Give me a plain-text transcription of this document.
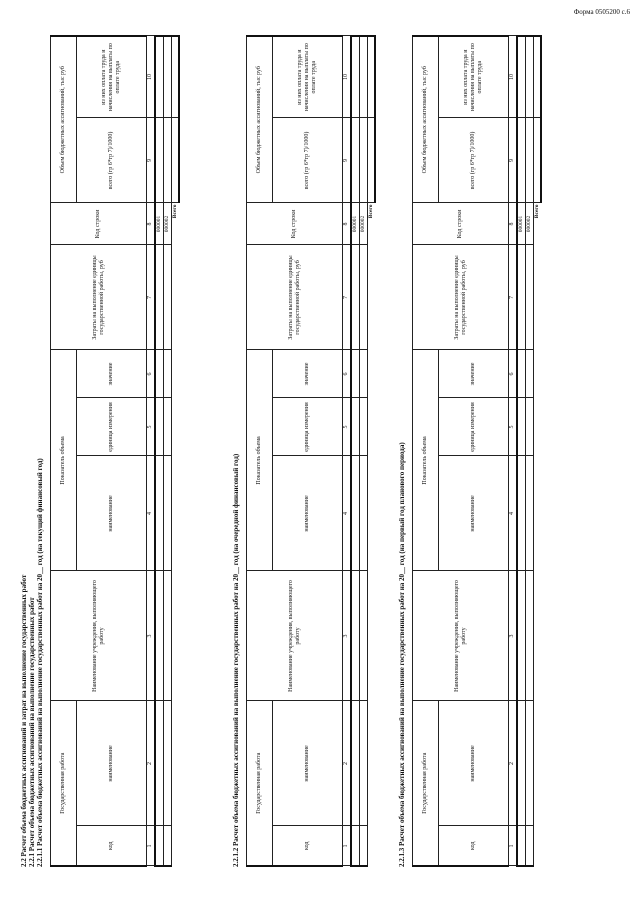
Форма 0505200 с.6
2.2 Расчет объема бюджетных ассигнований и затрат на выполнение государственных работ 2.2.1 Расчет объема бюджетных ассигнований на выполнение государственных работ 2.2.1.1 Расчет объема бюджетных ассигнований на выполнение государственных работ на 20__ год (на текущий финансовый год)	Государственная работа		Наименование учреждения, выполняющего работу	Показатель объема			Затраты на выполнение единицы государственной работы, руб	Код строки	Объем бюджетных ассигнований, тыс руб	
код	наименование		наименование	единица измерения	значение			всего (гр 6*гр 7)/1000)	из них оплата труда и начисления на выплаты по оплате труда
1	2	3	4	5	6	7	8	9	10
							000001		
							000002		
							Всего		
2.2.1.2 Расчет объема бюджетных ассигнований на выполнение государственных работ на 20__ год (на очередной финансовый год)	Государственная работа		Наименование учреждения, выполняющего работу	Показатель объема			Затраты на выполнение единицы государственной работы, руб	Код строки	Объем бюджетных ассигнований, тыс руб	
код	наименование		наименование	единица измерения	значение			всего (гр 6*гр 7)/1000)	из них оплата труда и начисления на выплаты по оплате труда
1	2	3	4	5	6	7	8	9	10
							000001		
							000002		
							Всего		
2.2.1.3 Расчет объема бюджетных ассигнований на выполнение государственных работ на 20__ год (на первый год планового периода)	Государственная работа		Наименование учреждения, выполняющего работу	Показатель объема			Затраты на выполнение единицы государственной работы, руб	Код строки	Объем бюджетных ассигнований, тыс руб	
код	наименование		наименование	единица измерения	значение			всего (гр 6*гр 7)/1000)	из них оплата труда и начисления на выплаты по оплате труда
1	2	3	4	5	6	7	8	9	10
							000001		
							000002		
							Всего		
